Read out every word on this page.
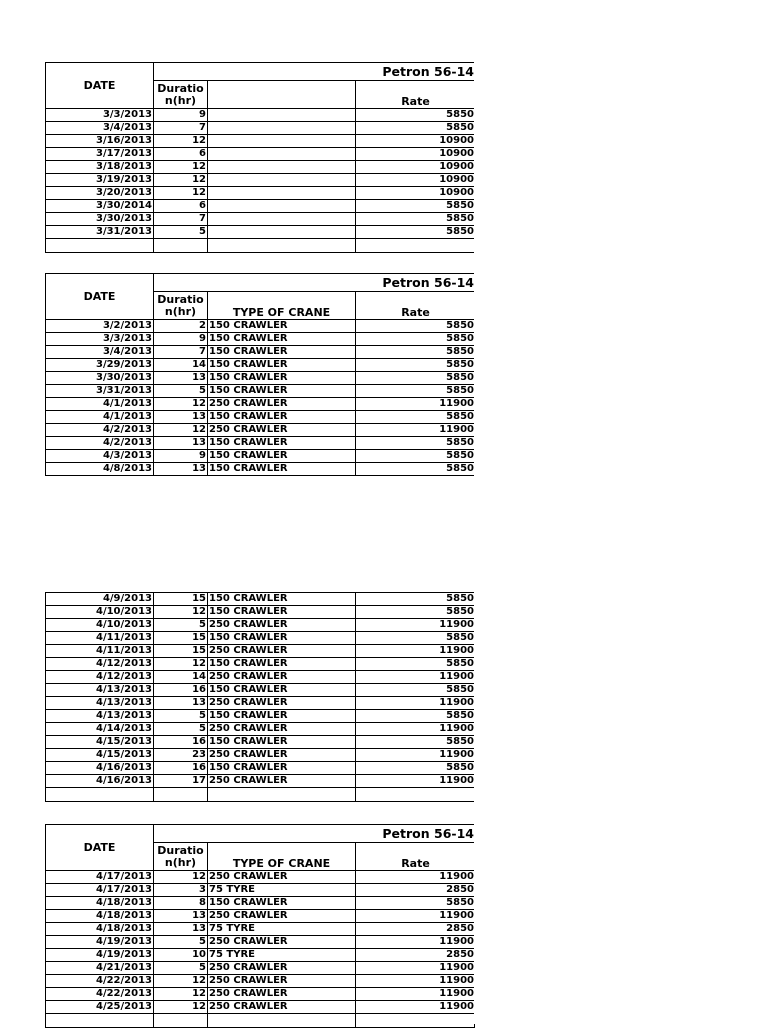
DATE	Petron 56-14		
	Duratio
n(hr)		Rate
3/3/2013	9		5850
3/4/2013	7		5850
3/16/2013	12		10900
3/17/2013	6		10900
3/18/2013	12		10900
3/19/2013	12		10900
3/20/2013	12		10900
3/30/2014	6		5850
3/30/2013	7		5850
3/31/2013	5		5850

DATE	Petron 56-14		
	Duratio
n(hr)	TYPE OF CRANE	Rate
3/2/2013	2	150 CRAWLER	5850
3/3/2013	9	150 CRAWLER	5850
3/4/2013	7	150 CRAWLER	5850
3/29/2013	14	150 CRAWLER	5850
3/30/2013	13	150 CRAWLER	5850
3/31/2013	5	150 CRAWLER	5850
4/1/2013	12	250 CRAWLER	11900
4/1/2013	13	150 CRAWLER	5850
4/2/2013	12	250 CRAWLER	11900
4/2/2013	13	150 CRAWLER	5850
4/3/2013	9	150 CRAWLER	5850
4/8/2013	13	150 CRAWLER	5850
4/9/2013	15	150 CRAWLER	5850
4/10/2013	12	150 CRAWLER	5850
4/10/2013	5	250 CRAWLER	11900
4/11/2013	15	150 CRAWLER	5850
4/11/2013	15	250 CRAWLER	11900
4/12/2013	12	150 CRAWLER	5850
4/12/2013	14	250 CRAWLER	11900
4/13/2013	16	150 CRAWLER	5850
4/13/2013	13	250 CRAWLER	11900
4/13/2013	5	150 CRAWLER	5850
4/14/2013	5	250 CRAWLER	11900
4/15/2013	16	150 CRAWLER	5850
4/15/2013	23	250 CRAWLER	11900
4/16/2013	16	150 CRAWLER	5850
4/16/2013	17	250 CRAWLER	11900

DATE	Petron 56-14		
	Duratio
n(hr)	TYPE OF CRANE	Rate
4/17/2013	12	250 CRAWLER	11900
4/17/2013	3	75 TYRE	2850
4/18/2013	8	150 CRAWLER	5850
4/18/2013	13	250 CRAWLER	11900
4/18/2013	13	75 TYRE	2850
4/19/2013	5	250 CRAWLER	11900
4/19/2013	10	75 TYRE	2850
4/21/2013	5	250 CRAWLER	11900
4/22/2013	12	250 CRAWLER	11900
4/22/2013	12	250 CRAWLER	11900
4/25/2013	12	250 CRAWLER	11900
